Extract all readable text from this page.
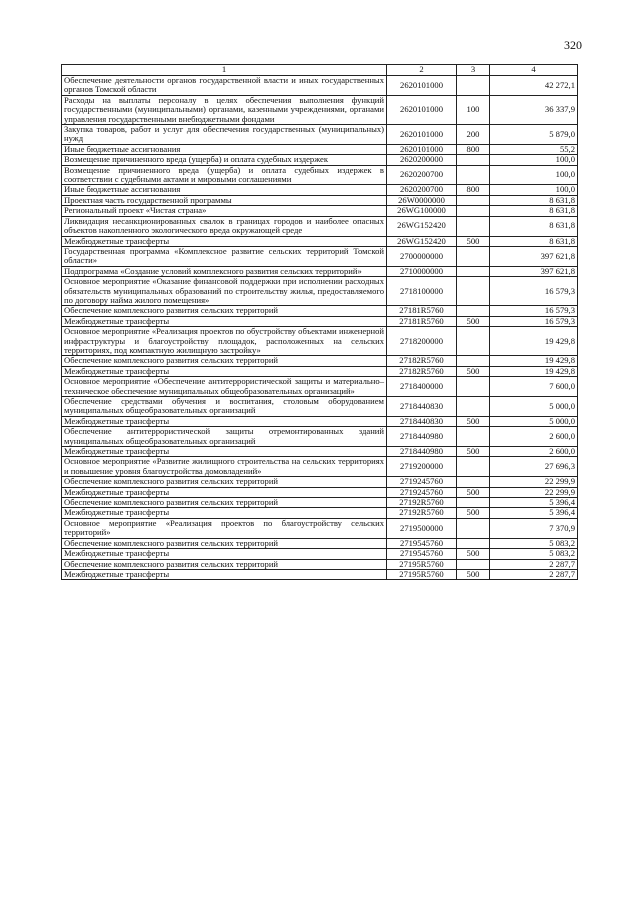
320
1	2	3	4
Обеспечение деятельности органов государственной власти и иных государственных органов Томской области	2620101000		42 272,1
Расходы на выплаты персоналу в целях обеспечения выполнения функций государственными (муниципальными) органами, казенными учреждениями, органами управления государственными внебюджетными фондами	2620101000	100	36 337,9
Закупка товаров, работ и услуг для обеспечения государственных (муниципальных) нужд	2620101000	200	5 879,0
Иные бюджетные ассигнования	2620101000	800	55,2
Возмещение причиненного вреда (ущерба) и оплата судебных издержек	2620200000		100,0
Возмещение причиненного вреда (ущерба) и оплата судебных издержек в соответствии с судебными актами и мировыми соглашениями	2620200700		100,0
Иные бюджетные ассигнования	2620200700	800	100,0
Проектная часть государственной программы	26W0000000		8 631,8
Региональный проект «Чистая страна»	26WG100000		8 631,8
Ликвидация несанкционированных свалок в границах городов и наиболее опасных объектов накопленного экологического вреда окружающей среде	26WG152420		8 631,8
Межбюджетные трансферты	26WG152420	500	8 631,8
Государственная программа «Комплексное развитие сельских территорий Томской области»	2700000000		397 621,8
Подпрограмма «Создание условий комплексного развития сельских территорий»	2710000000		397 621,8
Основное мероприятие «Оказание финансовой поддержки при исполнении расходных обязательств муниципальных образований по строительству жилья, предоставляемого по договору найма жилого помещения»	2718100000		16 579,3
Обеспечение комплексного развития сельских территорий	27181R5760		16 579,3
Межбюджетные трансферты	27181R5760	500	16 579,3
Основное мероприятие «Реализация проектов по обустройству объектами инженерной инфраструктуры и благоустройству площадок, расположенных на сельских территориях, под компактную жилищную застройку»	2718200000		19 429,8
Обеспечение комплексного развития сельских территорий	27182R5760		19 429,8
Межбюджетные трансферты	27182R5760	500	19 429,8
Основное мероприятие «Обеспечение антитеррористической защиты и материально–техническое обеспечение муниципальных общеобразовательных организаций»	2718400000		7 600,0
Обеспечение средствами обучения и воспитания, столовым оборудованием муниципальных общеобразовательных организаций	2718440830		5 000,0
Межбюджетные трансферты	2718440830	500	5 000,0
Обеспечение антитеррористической защиты отремонтированных зданий муниципальных общеобразовательных организаций	2718440980		2 600,0
Межбюджетные трансферты	2718440980	500	2 600,0
Основное мероприятие «Развитие жилищного строительства на сельских территориях и повышение уровня благоустройства домовладений»	2719200000		27 696,3
Обеспечение комплексного развития сельских территорий	2719245760		22 299,9
Межбюджетные трансферты	2719245760	500	22 299,9
Обеспечение комплексного развития сельских территорий	27192R5760		5 396,4
Межбюджетные трансферты	27192R5760	500	5 396,4
Основное мероприятие «Реализация проектов по благоустройству сельских территорий»	2719500000		7 370,9
Обеспечение комплексного развития сельских территорий	2719545760		5 083,2
Межбюджетные трансферты	2719545760	500	5 083,2
Обеспечение комплексного развития сельских территорий	27195R5760		2 287,7
Межбюджетные трансферты	27195R5760	500	2 287,7
